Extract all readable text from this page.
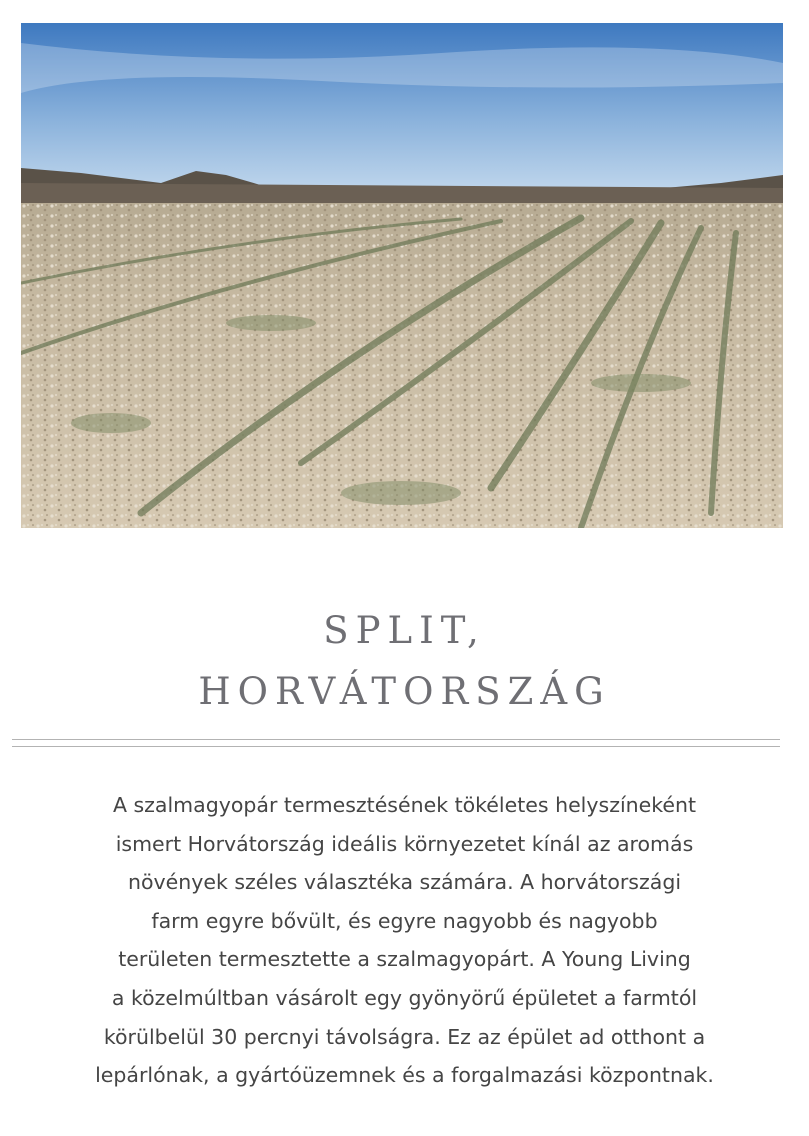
SPLIT,
HORVÁTORSZÁG

A szalmagyopár termesztésének tökéletes helyszíneként
ismert Horvátország ideális környezetet kínál az aromás
növények széles választéka számára. A horvátországi
farm egyre bővült, és egyre nagyobb és nagyobb
területen termesztette a szalmagyopárt. A Young Living
a közelmúltban vásárolt egy gyönyörű épületet a farmtól
körülbelül 30 percnyi távolságra. Ez az épület ad otthont a
lepárlónak, a gyártóüzemnek és a forgalmazási központnak.
